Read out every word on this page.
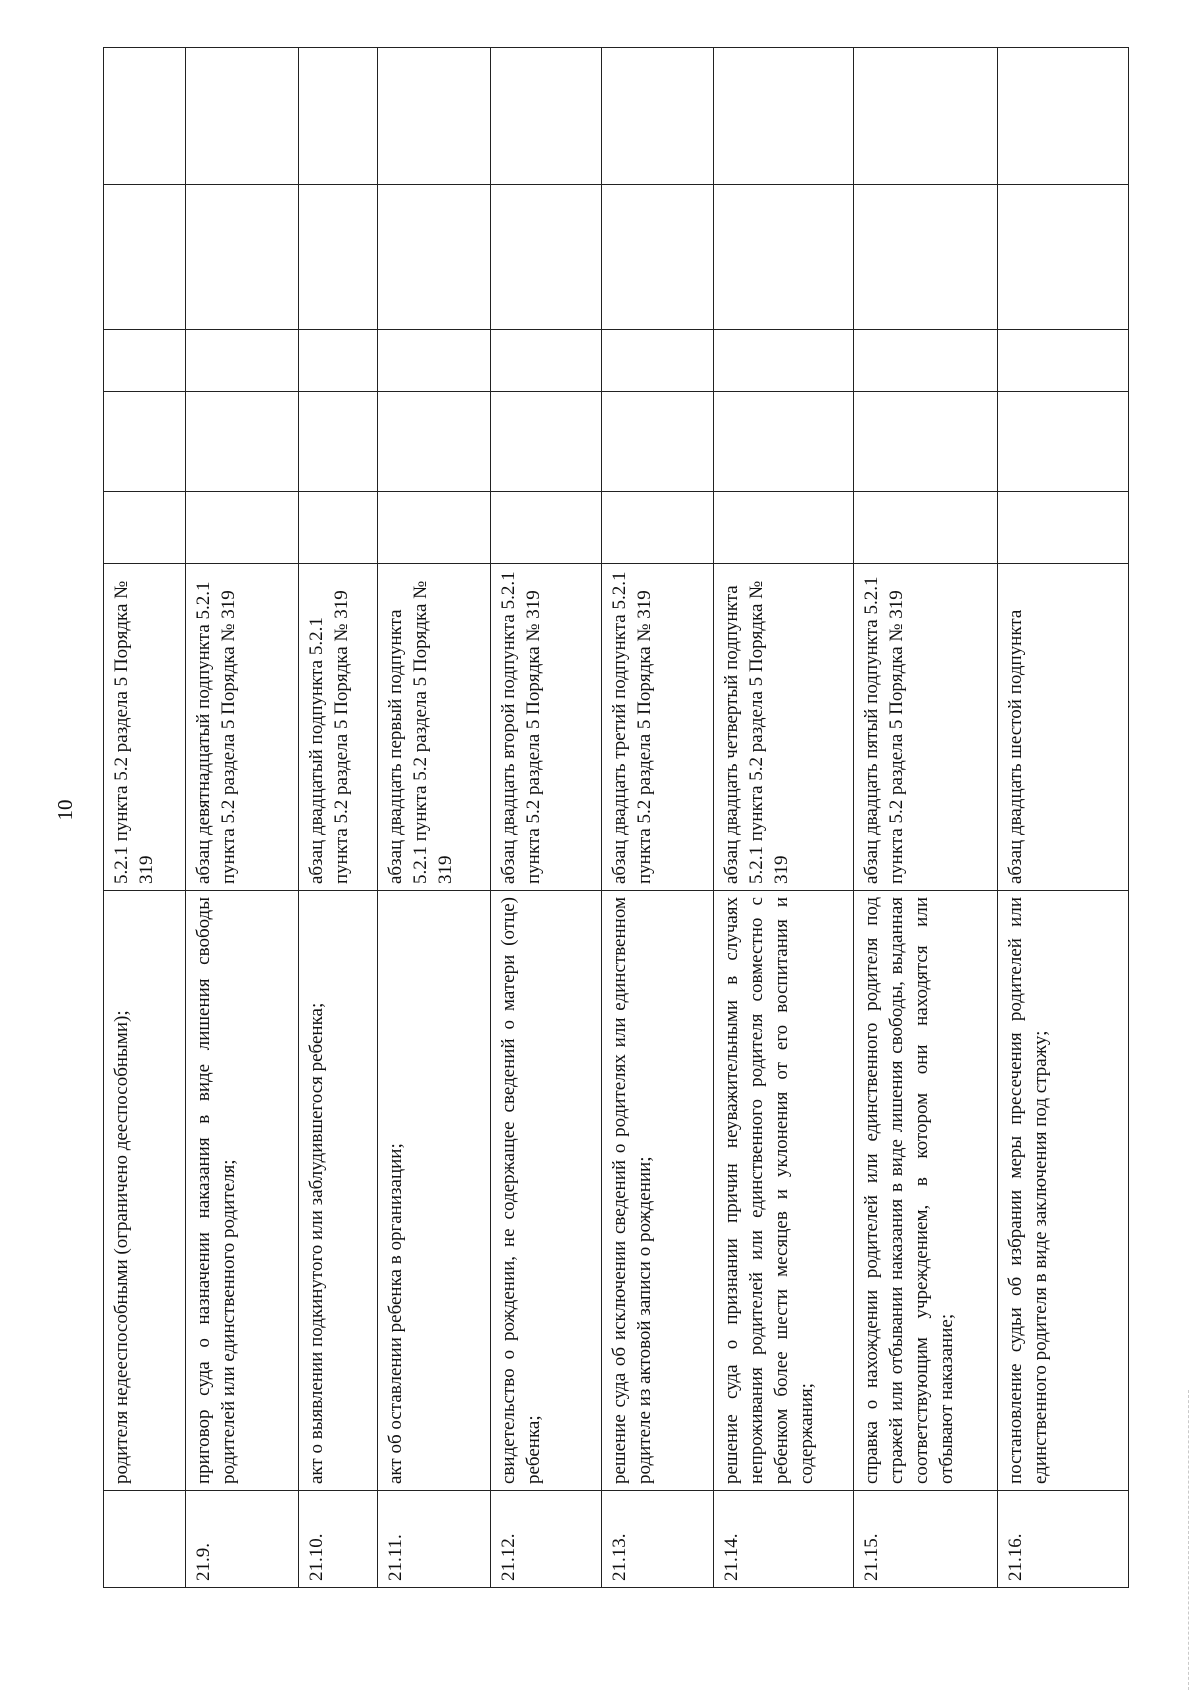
10
	родителя недееспособными (ограничено дееспособными);	5.2.1 пункта 5.2 раздела 5 Порядка № 319					
21.9.	приговор суда о назначении наказания в виде лишения свободы родителей или единственного родителя;	абзац девятнадцатый подпункта 5.2.1 пункта 5.2 раздела 5 Порядка № 319					
21.10.	акт о выявлении подкинутого или заблудившегося ребенка;	абзац двадцатый подпункта 5.2.1 пункта 5.2 раздела 5 Порядка № 319					
21.11.	акт об оставлении ребенка в организации;	абзац двадцать первый подпункта 5.2.1 пункта 5.2 раздела 5 Порядка № 319					
21.12.	свидетельство о рождении, не содержащее сведений о матери (отце) ребенка;	абзац двадцать второй подпункта 5.2.1 пункта 5.2 раздела 5 Порядка № 319					
21.13.	решение суда об исключении сведений о родителях или единственном родителе из актовой записи о рождении;	абзац двадцать третий подпункта 5.2.1 пункта 5.2 раздела 5 Порядка № 319					
21.14.	решение суда о признании причин неуважительными в случаях непроживания родителей или единственного родителя совместно с ребенком более шести месяцев и уклонения от его воспитания и содержания;	абзац двадцать четвертый подпункта 5.2.1 пункта 5.2 раздела 5 Порядка № 319					
21.15.	справка о нахождении родителей или единственного родителя под стражей или отбывании наказания в виде лишения свободы, выданная соответствующим учреждением, в котором они находятся или отбывают наказание;	абзац двадцать пятый подпункта 5.2.1 пункта 5.2 раздела 5 Порядка № 319					
21.16.	постановление судьи об избрании меры пресечения родителей или единственного родителя в виде заключения под стражу;	абзац двадцать шестой подпункта					
